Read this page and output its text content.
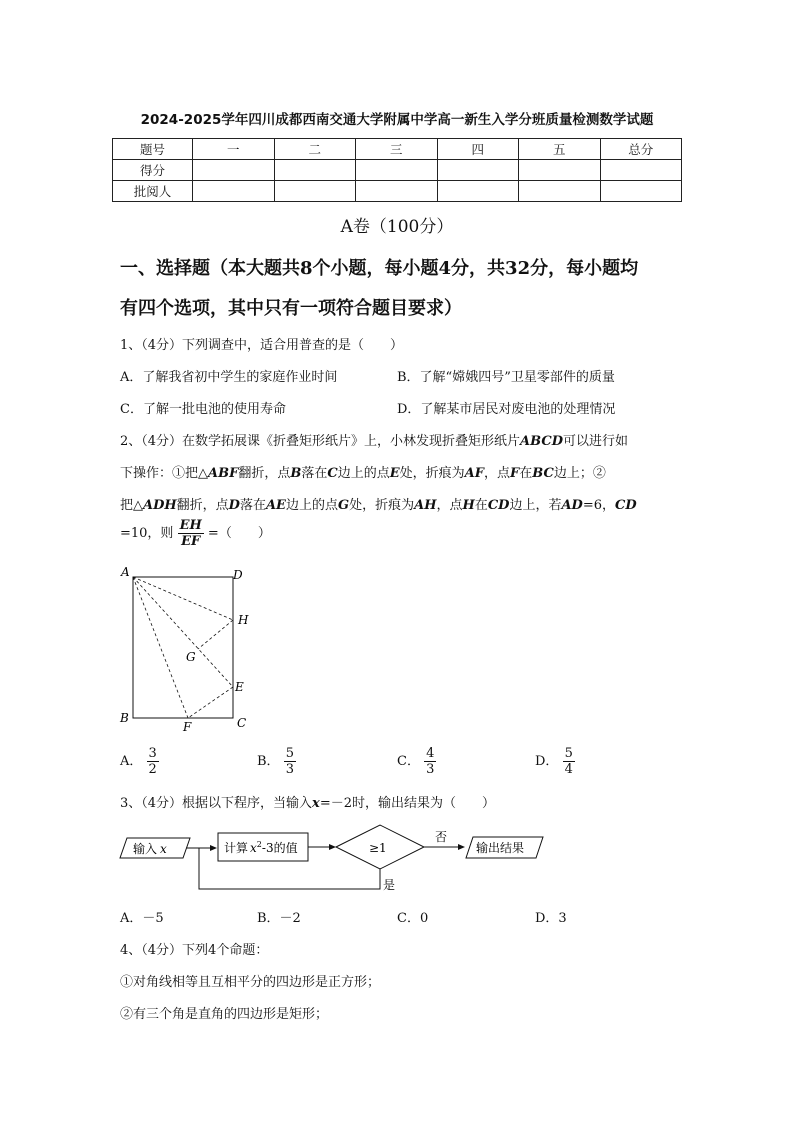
2024-2025学年四川成都西南交通大学附属中学高一新生入学分班质量检测数学试题
题号	一	二	三	四	五	总分
得分						
批阅人						
A卷（100分）
一、选择题（本大题共8个小题，每小题4分，共32分，每小题均
有四个选项，其中只有一项符合题目要求）
1、（4分）下列调查中，适合用普查的是（　　）
A．了解我省初中学生的家庭作业时间	B．了解“嫦娥四号”卫星零部件的质量
C．了解一批电池的使用寿命	D．了解某市居民对废电池的处理情况
2、（4分）在数学拓展课《折叠矩形纸片》上，小林发现折叠矩形纸片ABCD可以进行如
下操作：①把△ABF翻折，点B落在C边上的点E处，折痕为AF，点F在BC边上；②
把△ADH翻折，点D落在AE边上的点G处，折痕为AH，点H在CD边上，若AD=6，CD
=10，则 $\frac{EH}{EF}$ =（　　）
A	D
H
G
E
B
F	C
A． $\frac{3}{2}$	B． $\frac{5}{3}$	C． $\frac{4}{3}$	D． $\frac{5}{4}$
3、（4分）根据以下程序，当输入x=－2时，输出结果为（　　）
输入 x	计算 $x^2-3$的值	≥1
否
输出结果
是
A．－5	B．－2	C．0	D．3
4、（4分）下列4个命题：
①对角线相等且互相平分的四边形是正方形；
②有三个角是直角的四边形是矩形；
